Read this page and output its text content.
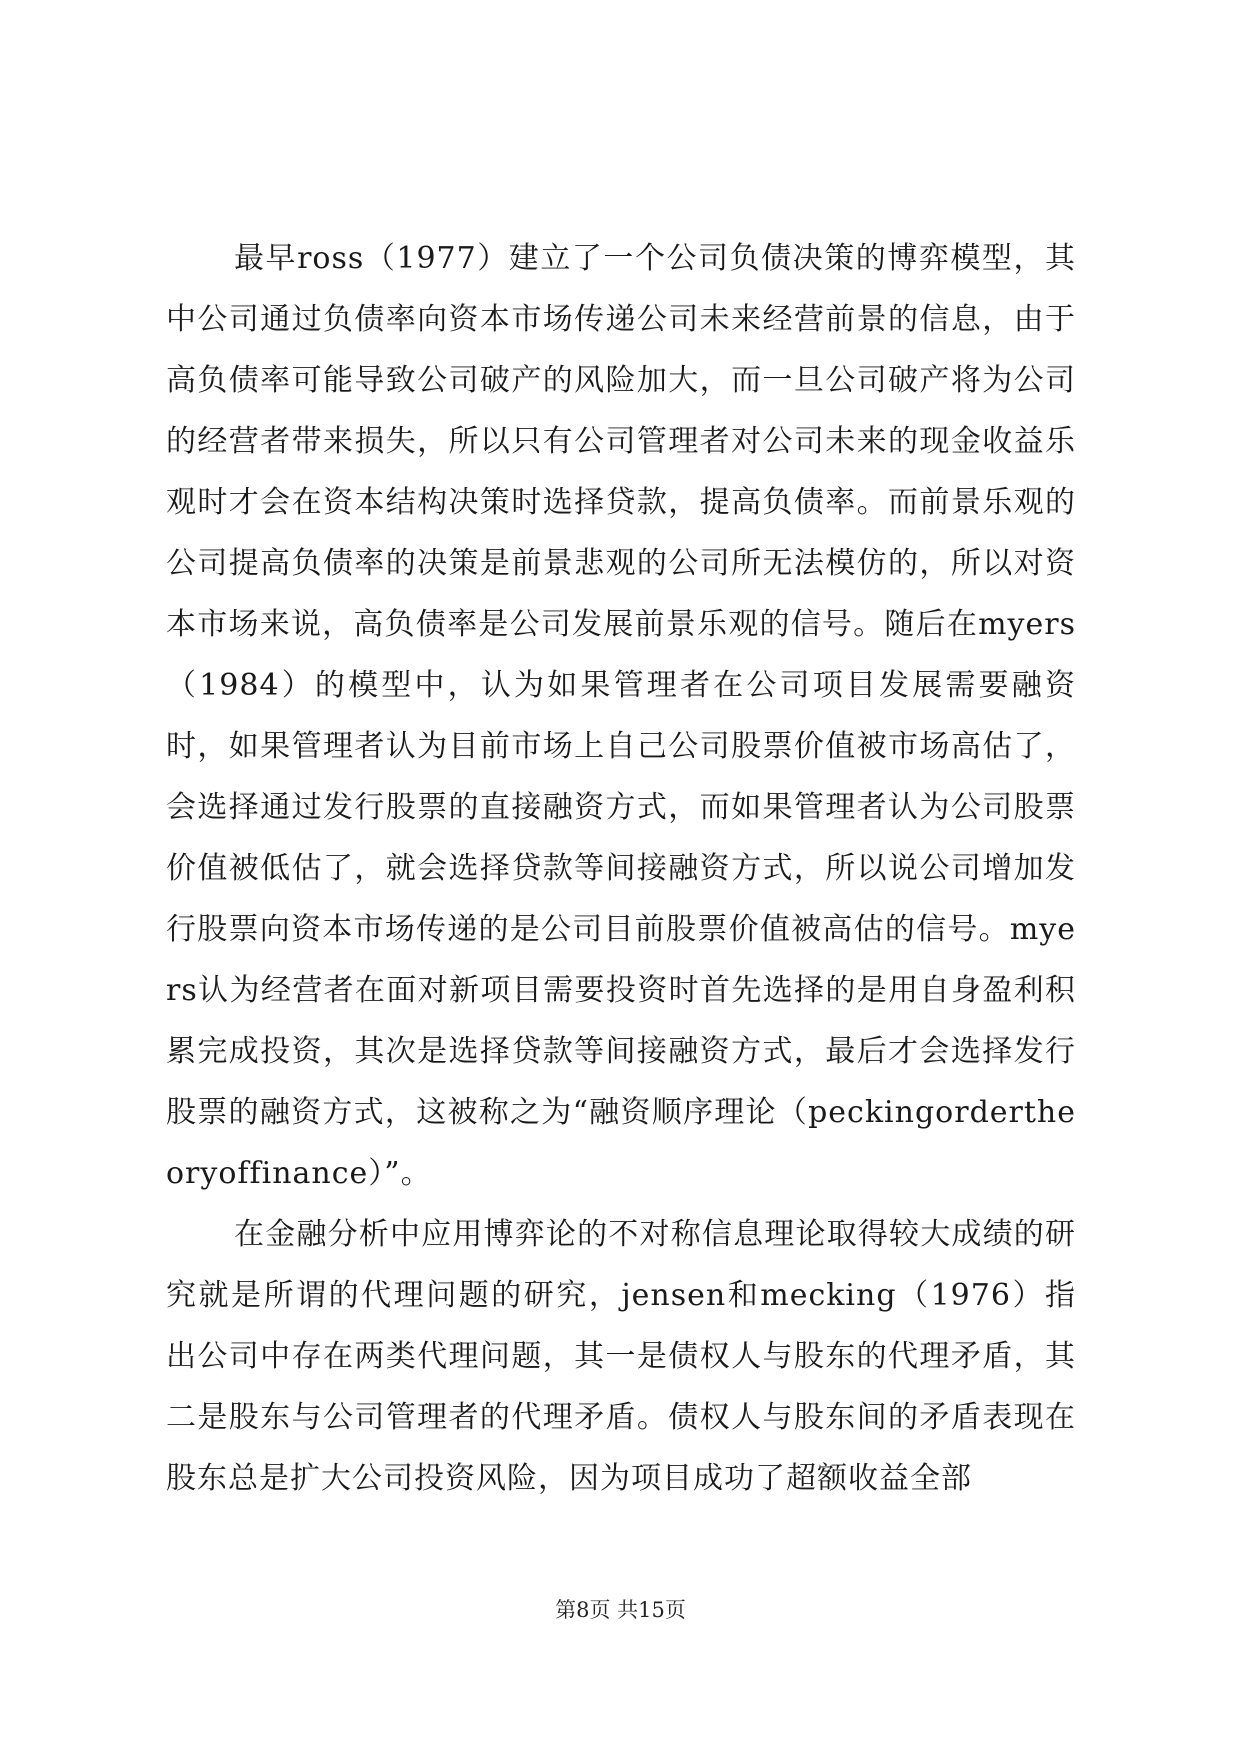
最早ross（1977）建立了一个公司负债决策的博弈模型，其中公司通过负债率向资本市场传递公司未来经营前景的信息，由于高负债率可能导致公司破产的风险加大，而一旦公司破产将为公司的经营者带来损失，所以只有公司管理者对公司未来的现金收益乐观时才会在资本结构决策时选择贷款，提高负债率。而前景乐观的公司提高负债率的决策是前景悲观的公司所无法模仿的，所以对资本市场来说，高负债率是公司发展前景乐观的信号。随后在myers（1984）的模型中，认为如果管理者在公司项目发展需要融资时，如果管理者认为目前市场上自己公司股票价值被市场高估了，会选择通过发行股票的直接融资方式，而如果管理者认为公司股票价值被低估了，就会选择贷款等间接融资方式，所以说公司增加发行股票向资本市场传递的是公司目前股票价值被高估的信号。myers认为经营者在面对新项目需要投资时首先选择的是用自身盈利积累完成投资，其次是选择贷款等间接融资方式，最后才会选择发行股票的融资方式，这被称之为“融资顺序理论（peckingordertheoryoffinance）”。

在金融分析中应用博弈论的不对称信息理论取得较大成绩的研究就是所谓的代理问题的研究，jensen和mecking（1976）指出公司中存在两类代理问题，其一是债权人与股东的代理矛盾，其二是股东与公司管理者的代理矛盾。债权人与股东间的矛盾表现在股东总是扩大公司投资风险，因为项目成功了超额收益全部

第8页 共15页
